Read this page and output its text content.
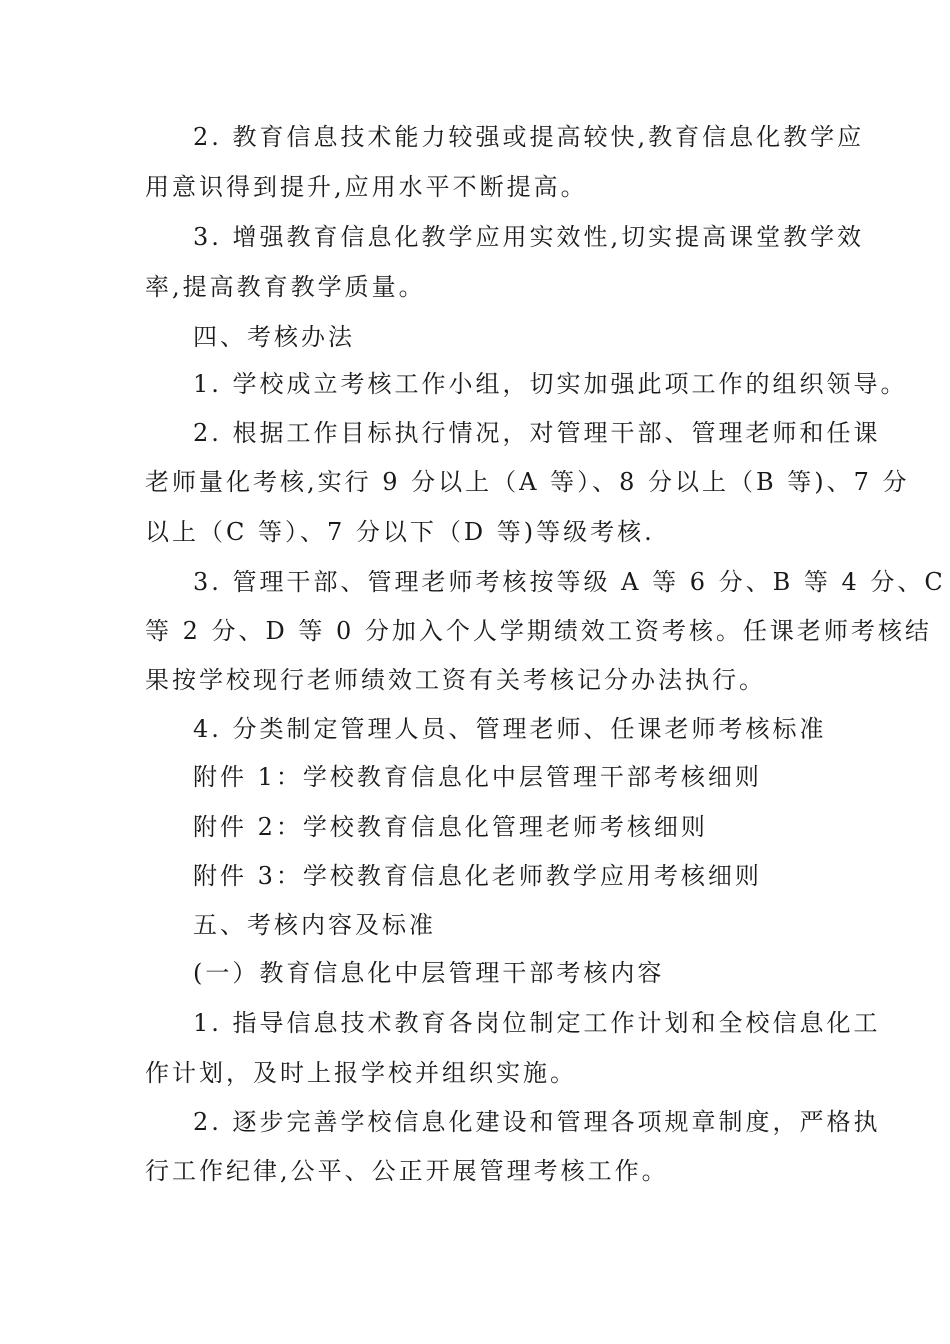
2. 教育信息技术能力较强或提高较快,教育信息化教学应
用意识得到提升,应用水平不断提高。
3. 增强教育信息化教学应用实效性,切实提高课堂教学效
率,提高教育教学质量。
四、考核办法
1. 学校成立考核工作小组，切实加强此项工作的组织领导。
2. 根据工作目标执行情况，对管理干部、管理老师和任课
老师量化考核,实行 9 分以上（A 等）、8 分以上（B 等)、7 分
以上（C 等）、7 分以下（D 等)等级考核.
3. 管理干部、管理老师考核按等级 A 等 6 分、B 等 4 分、C
等 2 分、D 等 0 分加入个人学期绩效工资考核。任课老师考核结
果按学校现行老师绩效工资有关考核记分办法执行。
4. 分类制定管理人员、管理老师、任课老师考核标准
附件 1：学校教育信息化中层管理干部考核细则
附件 2：学校教育信息化管理老师考核细则
附件 3：学校教育信息化老师教学应用考核细则
五、考核内容及标准
(一）教育信息化中层管理干部考核内容
1. 指导信息技术教育各岗位制定工作计划和全校信息化工
作计划，及时上报学校并组织实施。
2. 逐步完善学校信息化建设和管理各项规章制度，严格执
行工作纪律,公平、公正开展管理考核工作。
